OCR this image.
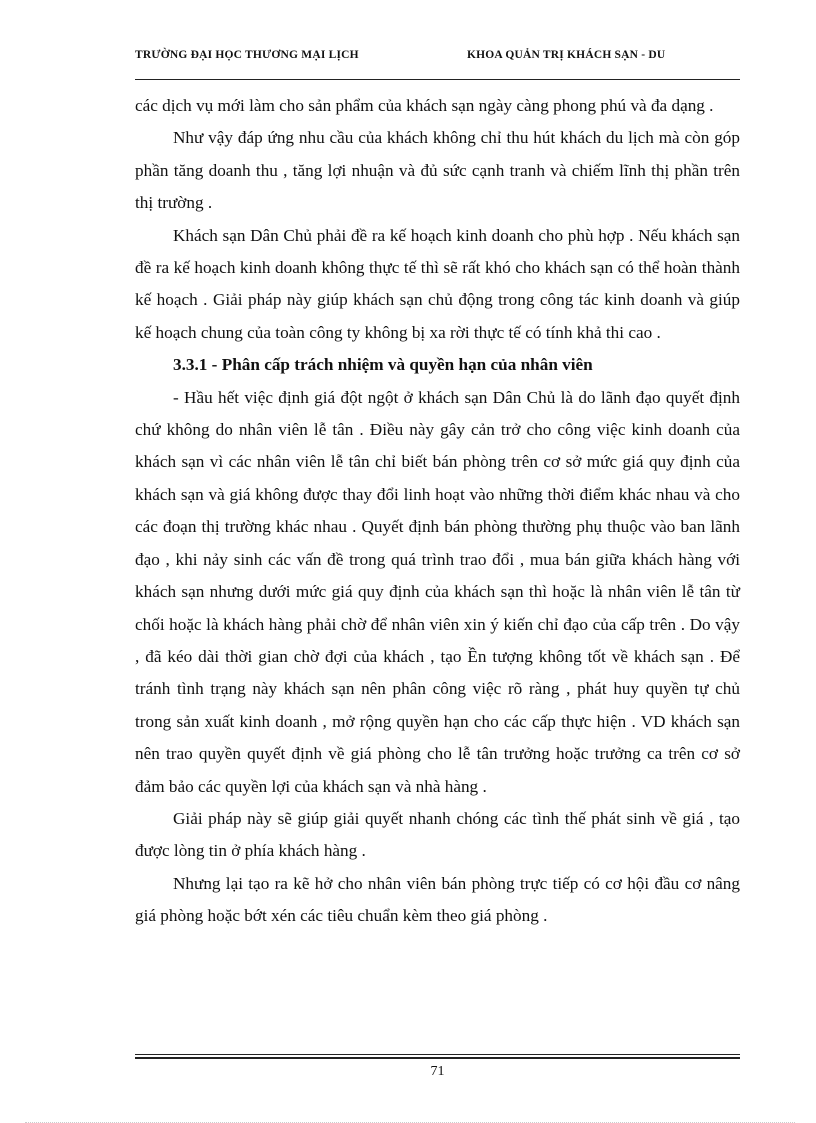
TRƯỜNG ĐẠI HỌC THƯƠNG MẠI LỊCH	KHOA QUẢN TRỊ KHÁCH SẠN - DU

các dịch vụ mới làm cho sản phẩm của khách sạn ngày càng phong phú và đa dạng .

Như vậy đáp ứng nhu cầu của khách không chỉ thu hút khách du lịch mà còn góp phần tăng doanh thu , tăng lợi nhuận và đủ sức cạnh tranh và chiếm lĩnh thị phần trên thị trường .

Khách sạn Dân Chủ phải đề ra kế hoạch kinh doanh cho phù hợp . Nếu khách sạn đề ra kế hoạch kinh doanh không thực tế thì sẽ rất khó cho khách sạn có thể hoàn thành kế hoạch . Giải pháp này giúp khách sạn chủ động trong công tác kinh doanh và giúp kế hoạch chung của toàn công ty không bị xa rời thực tế có tính khả thi cao .

3.3.1 - Phân cấp trách nhiệm và quyền hạn của nhân viên

- Hầu hết việc định giá đột ngột ở khách sạn Dân Chủ là do lãnh đạo quyết định chứ không do nhân viên lễ tân . Điều này gây cản trở cho công việc kinh doanh của khách sạn vì các nhân viên lễ tân chỉ biết bán phòng trên cơ sở mức giá quy định của khách sạn và giá không được thay đổi linh hoạt vào những thời điểm khác nhau và cho các đoạn thị trường khác nhau . Quyết định bán phòng thường phụ thuộc vào ban lãnh đạo , khi nảy sinh các vấn đề trong quá trình trao đổi , mua bán giữa khách hàng với khách sạn nhưng dưới mức giá quy định của khách sạn thì hoặc là nhân viên lễ tân từ chối hoặc là khách hàng phải chờ để nhân viên xin ý kiến chỉ đạo của cấp trên . Do vậy , đã kéo dài thời gian chờ đợi của khách , tạo Ền tượng không tốt về khách sạn . Để tránh tình trạng này khách sạn nên phân công việc rõ ràng , phát huy quyền tự chủ trong sản xuất kinh doanh , mở rộng quyền hạn cho các cấp thực hiện . VD khách sạn nên trao quyền quyết định về giá phòng cho lễ tân trưởng hoặc trưởng ca trên cơ sở đảm bảo các quyền lợi của khách sạn và nhà hàng .

Giải pháp này sẽ giúp giải quyết nhanh chóng các tình thế phát sinh về giá , tạo được lòng tin ở phía khách hàng .

Nhưng lại tạo ra kẽ hở cho nhân viên bán phòng trực tiếp có cơ hội đầu cơ nâng giá phòng hoặc bớt xén các tiêu chuẩn kèm theo giá phòng .

71
